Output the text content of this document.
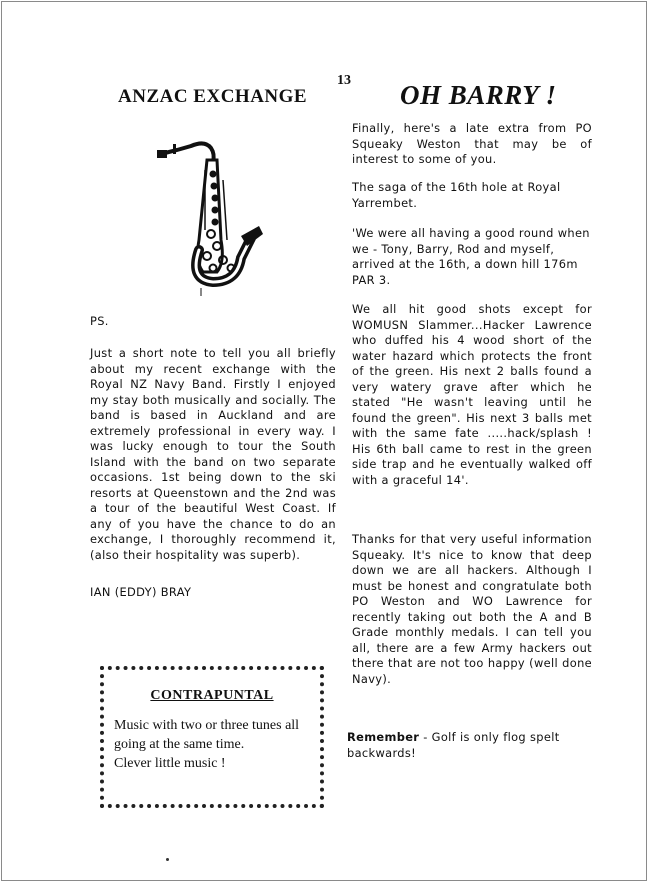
13
ANZAC EXCHANGE	OH BARRY !

PS.

Just a short note to tell you all briefly about my recent exchange with the Royal NZ Navy Band. Firstly I enjoyed my stay both musically and socially. The band is based in Auckland and are extremely professional in every way. I was lucky enough to tour the South Island with the band on two separate occasions. 1st being down to the ski resorts at Queenstown and the 2nd was a tour of the beautiful West Coast. If any of you have the chance to do an exchange, I thoroughly recommend it, (also their hospitality was superb).

IAN (EDDY) BRAY

CONTRAPUNTAL
Music with two or three tunes all
going at the same time.
Clever little music !

Finally, here's a late extra from PO Squeaky Weston that may be of interest to some of you.

The saga of the 16th hole at Royal Yarrembet.

'We were all having a good round when we - Tony, Barry, Rod and myself, arrived at the 16th, a down hill 176m PAR 3.

We all hit good shots except for WOMUSN Slammer...Hacker Lawrence who duffed his 4 wood short of the water hazard which protects the front of the green. His next 2 balls found a very watery grave after which he stated "He wasn't leaving until he found the green". His next 3 balls met with the same fate .....hack/splash ! His 6th ball came to rest in the green side trap and he eventually walked off with a graceful 14'.

Thanks for that very useful information Squeaky. It's nice to know that deep down we are all hackers. Although I must be honest and congratulate both PO Weston and WO Lawrence for recently taking out both the A and B Grade monthly medals. I can tell you all, there are a few Army hackers out there that are not too happy (well done Navy).

Remember - Golf is only flog spelt backwards!
